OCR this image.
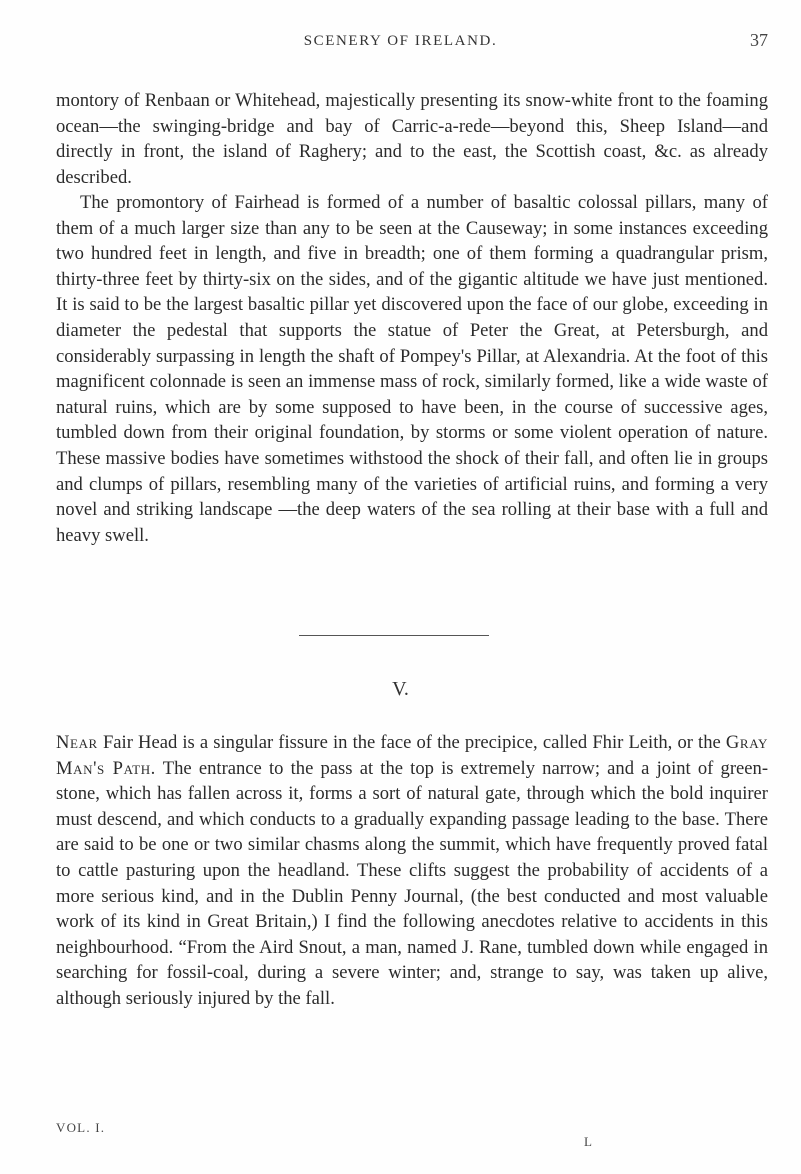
SCENERY OF IRELAND.	37

montory of Renbaan or Whitehead, majestically presenting its snow-white front to the foaming ocean—the swinging-bridge and bay of Carric-a-rede—beyond this, Sheep Island—and directly in front, the island of Raghery; and to the east, the Scottish coast, &c. as already described.

The promontory of Fairhead is formed of a number of basaltic colossal pillars, many of them of a much larger size than any to be seen at the Causeway; in some instances exceeding two hundred feet in length, and five in breadth; one of them forming a quadrangular prism, thirty-three feet by thirty-six on the sides, and of the gigantic altitude we have just mentioned. It is said to be the largest basaltic pillar yet discovered upon the face of our globe, exceeding in diameter the pedestal that supports the statue of Peter the Great, at Petersburgh, and considerably surpassing in length the shaft of Pompey's Pillar, at Alexandria. At the foot of this magnificent colonnade is seen an immense mass of rock, similarly formed, like a wide waste of natural ruins, which are by some supposed to have been, in the course of successive ages, tumbled down from their original foundation, by storms or some violent operation of nature. These massive bodies have sometimes withstood the shock of their fall, and often lie in groups and clumps of pillars, resembling many of the varieties of artificial ruins, and forming a very novel and striking landscape —the deep waters of the sea rolling at their base with a full and heavy swell.

V.

Near Fair Head is a singular fissure in the face of the precipice, called Fhir Leith, or the Gray Man's Path. The entrance to the pass at the top is extremely narrow; and a joint of green-stone, which has fallen across it, forms a sort of natural gate, through which the bold inquirer must descend, and which conducts to a gradually expanding passage leading to the base. There are said to be one or two similar chasms along the summit, which have frequently proved fatal to cattle pasturing upon the headland. These clifts suggest the probability of accidents of a more serious kind, and in the Dublin Penny Journal, (the best conducted and most valuable work of its kind in Great Britain,) I find the following anecdotes relative to accidents in this neighbourhood. “From the Aird Snout, a man, named J. Rane, tumbled down while engaged in searching for fossil-coal, during a severe winter; and, strange to say, was taken up alive, although seriously injured by the fall.

VOL. I.
L
